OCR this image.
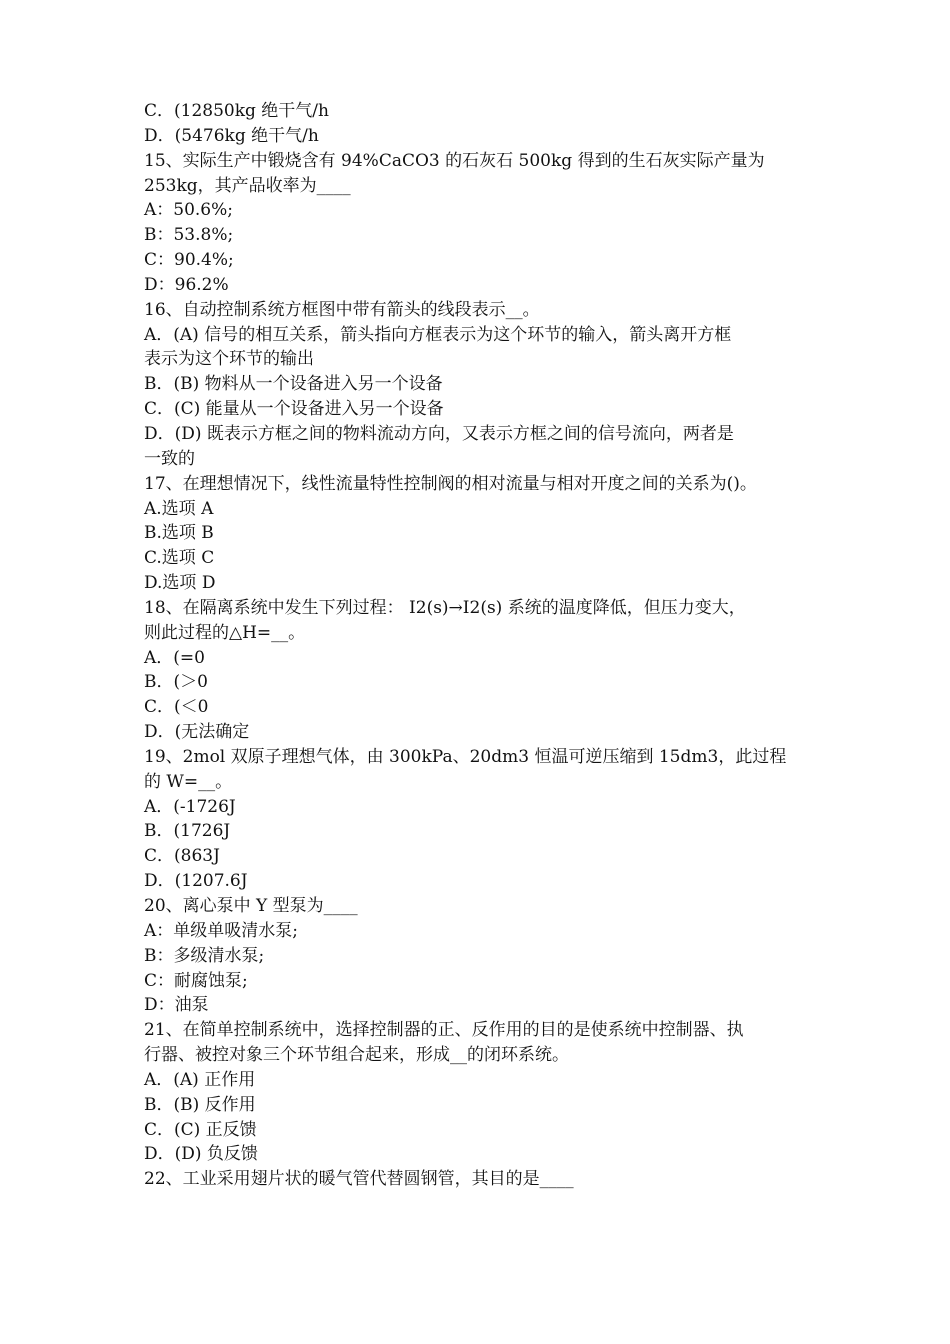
C．(12850kg 绝干气/h
D．(5476kg 绝干气/h
15、实际生产中锻烧含有 94%CaCO3 的石灰石 500kg 得到的生石灰实际产量为
253kg，其产品收率为____
A：50.6%;
B：53.8%;
C：90.4%;
D：96.2%
16、自动控制系统方框图中带有箭头的线段表示__。
A．(A) 信号的相互关系，箭头指向方框表示为这个环节的输入，箭头离开方框
表示为这个环节的输出
B．(B) 物料从一个设备进入另一个设备
C．(C) 能量从一个设备进入另一个设备
D．(D) 既表示方框之间的物料流动方向，又表示方框之间的信号流向，两者是
一致的
17、在理想情况下，线性流量特性控制阀的相对流量与相对开度之间的关系为()。
A.选项 A
B.选项 B
C.选项 C
D.选项 D
18、在隔离系统中发生下列过程： I2(s)→I2(s) 系统的温度降低，但压力变大，
则此过程的△H=__。
A．(=0
B．(＞0
C．(＜0
D．(无法确定
19、2mol 双原子理想气体，由 300kPa、20dm3 恒温可逆压缩到 15dm3，此过程
的 W=__。
A．(-1726J
B．(1726J
C．(863J
D．(1207.6J
20、离心泵中 Y 型泵为____
A：单级单吸清水泵;
B：多级清水泵;
C：耐腐蚀泵;
D：油泵
21、在简单控制系统中，选择控制器的正、反作用的目的是使系统中控制器、执
行器、被控对象三个环节组合起来，形成__的闭环系统。
A．(A) 正作用
B．(B) 反作用
C．(C) 正反馈
D．(D) 负反馈
22、工业采用翅片状的暖气管代替圆钢管，其目的是____
